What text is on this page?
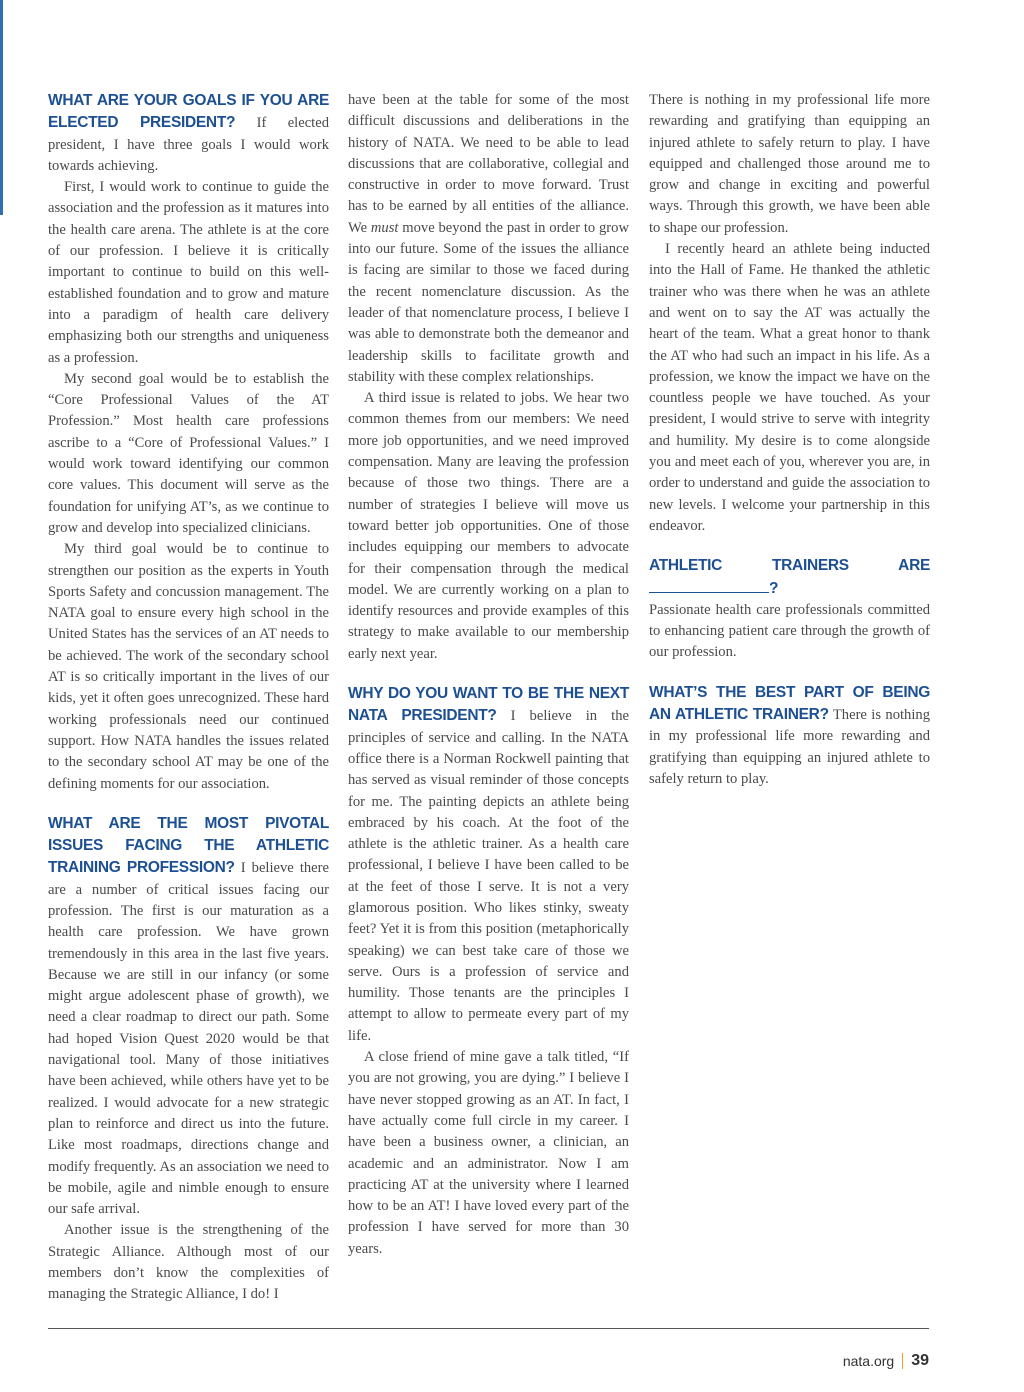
WHAT ARE YOUR GOALS IF YOU ARE ELECTED PRESIDENT? If elected president, I have three goals I would work towards achieving.

First, I would work to continue to guide the association and the profession as it matures into the health care arena. The athlete is at the core of our profession. I believe it is critically important to continue to build on this well-established foundation and to grow and mature into a paradigm of health care delivery emphasizing both our strengths and uniqueness as a profession.

My second goal would be to establish the “Core Professional Values of the AT Profession.” Most health care professions ascribe to a “Core of Professional Values.” I would work toward identifying our common core values. This document will serve as the foundation for unifying AT’s, as we continue to grow and develop into specialized clinicians.

My third goal would be to continue to strengthen our position as the experts in Youth Sports Safety and concussion management. The NATA goal to ensure every high school in the United States has the services of an AT needs to be achieved. The work of the secondary school AT is so critically important in the lives of our kids, yet it often goes unrecognized. These hard working professionals need our continued support. How NATA handles the issues related to the secondary school AT may be one of the defining moments for our association.

WHAT ARE THE MOST PIVOTAL ISSUES FACING THE ATHLETIC TRAINING PROFESSION? I believe there are a number of critical issues facing our profession. The first is our maturation as a health care profession. We have grown tremendously in this area in the last five years. Because we are still in our infancy (or some might argue adolescent phase of growth), we need a clear roadmap to direct our path. Some had hoped Vision Quest 2020 would be that navigational tool. Many of those initiatives have been achieved, while others have yet to be realized. I would advocate for a new strategic plan to reinforce and direct us into the future. Like most roadmaps, directions change and modify frequently. As an association we need to be mobile, agile and nimble enough to ensure our safe arrival.

Another issue is the strengthening of the Strategic Alliance. Although most of our members don’t know the complexities of managing the Strategic Alliance, I do! I

have been at the table for some of the most difficult discussions and deliberations in the history of NATA. We need to be able to lead discussions that are collaborative, collegial and constructive in order to move forward. Trust has to be earned by all entities of the alliance. We must move beyond the past in order to grow into our future. Some of the issues the alliance is facing are similar to those we faced during the recent nomenclature discussion. As the leader of that nomenclature process, I believe I was able to demonstrate both the demeanor and leadership skills to facilitate growth and stability with these complex relationships.

A third issue is related to jobs. We hear two common themes from our members: We need more job opportunities, and we need improved compensation. Many are leaving the profession because of those two things. There are a number of strategies I believe will move us toward better job opportunities. One of those includes equipping our members to advocate for their compensation through the medical model. We are currently working on a plan to identify resources and provide examples of this strategy to make available to our membership early next year.

WHY DO YOU WANT TO BE THE NEXT NATA PRESIDENT? I believe in the principles of service and calling. In the NATA office there is a Norman Rockwell painting that has served as visual reminder of those concepts for me. The painting depicts an athlete being embraced by his coach. At the foot of the athlete is the athletic trainer. As a health care professional, I believe I have been called to be at the feet of those I serve. It is not a very glamorous position. Who likes stinky, sweaty feet? Yet it is from this position (metaphorically speaking) we can best take care of those we serve. Ours is a profession of service and humility. Those tenants are the principles I attempt to allow to permeate every part of my life.

A close friend of mine gave a talk titled, “If you are not growing, you are dying.” I believe I have never stopped growing as an AT. In fact, I have actually come full circle in my career. I have been a business owner, a clinician, an academic and an administrator. Now I am practicing AT at the university where I learned how to be an AT! I have loved every part of the profession I have served for more than 30 years.

There is nothing in my professional life more rewarding and gratifying than equipping an injured athlete to safely return to play. I have equipped and challenged those around me to grow and change in exciting and powerful ways. Through this growth, we have been able to shape our profession.

I recently heard an athlete being inducted into the Hall of Fame. He thanked the athletic trainer who was there when he was an athlete and went on to say the AT was actually the heart of the team. What a great honor to thank the AT who had such an impact in his life. As a profession, we know the impact we have on the countless people we have touched. As your president, I would strive to serve with integrity and humility. My desire is to come alongside you and meet each of you, wherever you are, in order to understand and guide the association to new levels. I welcome your partnership in this endeavor.

ATHLETIC TRAINERS ARE?

Passionate health care professionals committed to enhancing patient care through the growth of our profession.

WHAT’S THE BEST PART OF BEING AN ATHLETIC TRAINER? There is nothing in my professional life more rewarding and gratifying than equipping an injured athlete to safely return to play.

nata.org 39
